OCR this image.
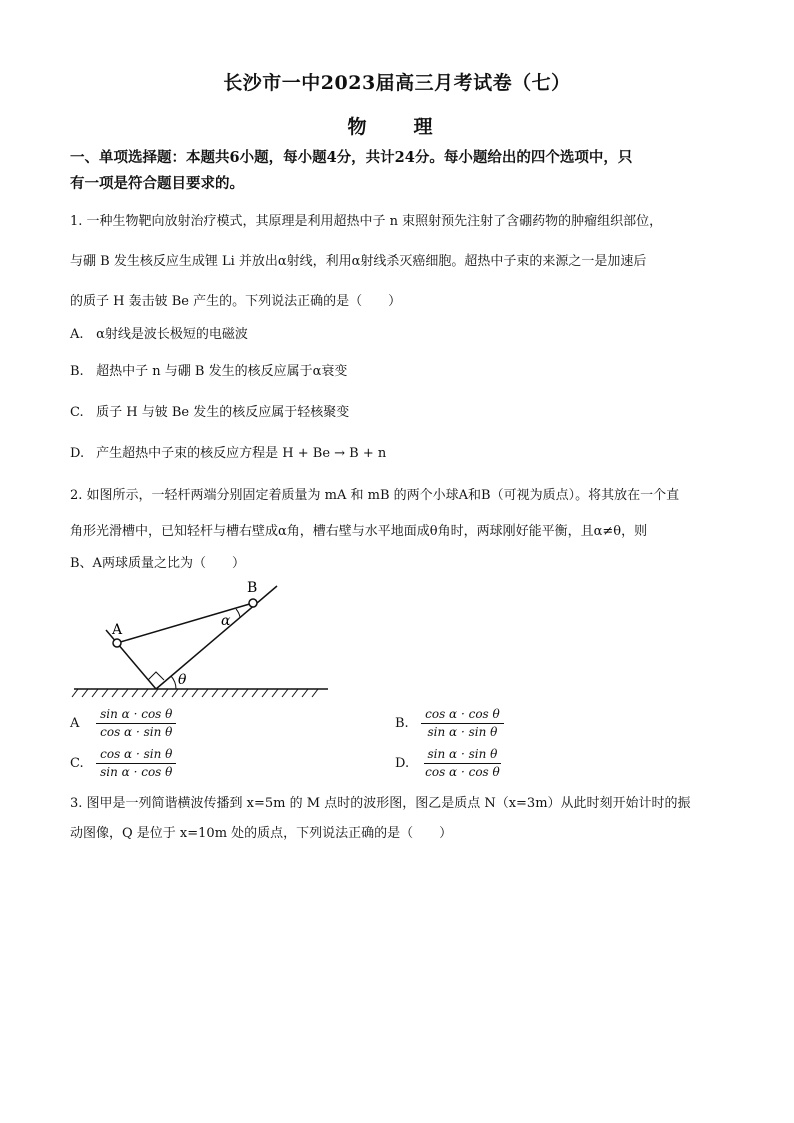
长沙市一中2023届高三月考试卷（七）
物　理
一、单项选择题：本题共6小题，每小题4分，共计24分。每小题给出的四个选项中，只
有一项是符合题目要求的。
1. 一种生物靶向放射治疗模式，其原理是利用超热中子 n 束照射预先注射了含硼药物的肿瘤组织部位，
与硼 B 发生核反应生成锂 Li 并放出α射线，利用α射线杀灭癌细胞。超热中子束的来源之一是加速后
的质子 H 轰击铍 Be 产生的。下列说法正确的是（　　）
A. α射线是波长极短的电磁波
B. 超热中子 n 与硼 B 发生的核反应属于α衰变
C. 质子 H 与铍 Be 发生的核反应属于轻核聚变
D. 产生超热中子束的核反应方程是 H + Be → B + n
2. 如图所示，一轻杆两端分别固定着质量为 mA 和 mB 的两个小球A和B（可视为质点）。将其放在一个直
角形光滑槽中，已知轻杆与槽右壁成α角，槽右壁与水平地面成θ角时，两球刚好能平衡，且α≠θ，则
B、A两球质量之比为（　　）
A
B
α
θ
A $\frac{\text{sin α · cos θ}}{\text{cos α · sin θ}}$	B. $\frac{\text{cos α · cos θ}}{\text{sin α · sin θ}}$
C. $\frac{\text{cos α · sin θ}}{\text{sin α · cos θ}}$	D. $\frac{\text{sin α · sin θ}}{\text{cos α · cos θ}}$
3. 图甲是一列简谐横波传播到 x=5m 的 M 点时的波形图，图乙是质点 N（x=3m）从此时刻开始计时的振
动图像，Q 是位于 x=10m 处的质点，下列说法正确的是（　　）
